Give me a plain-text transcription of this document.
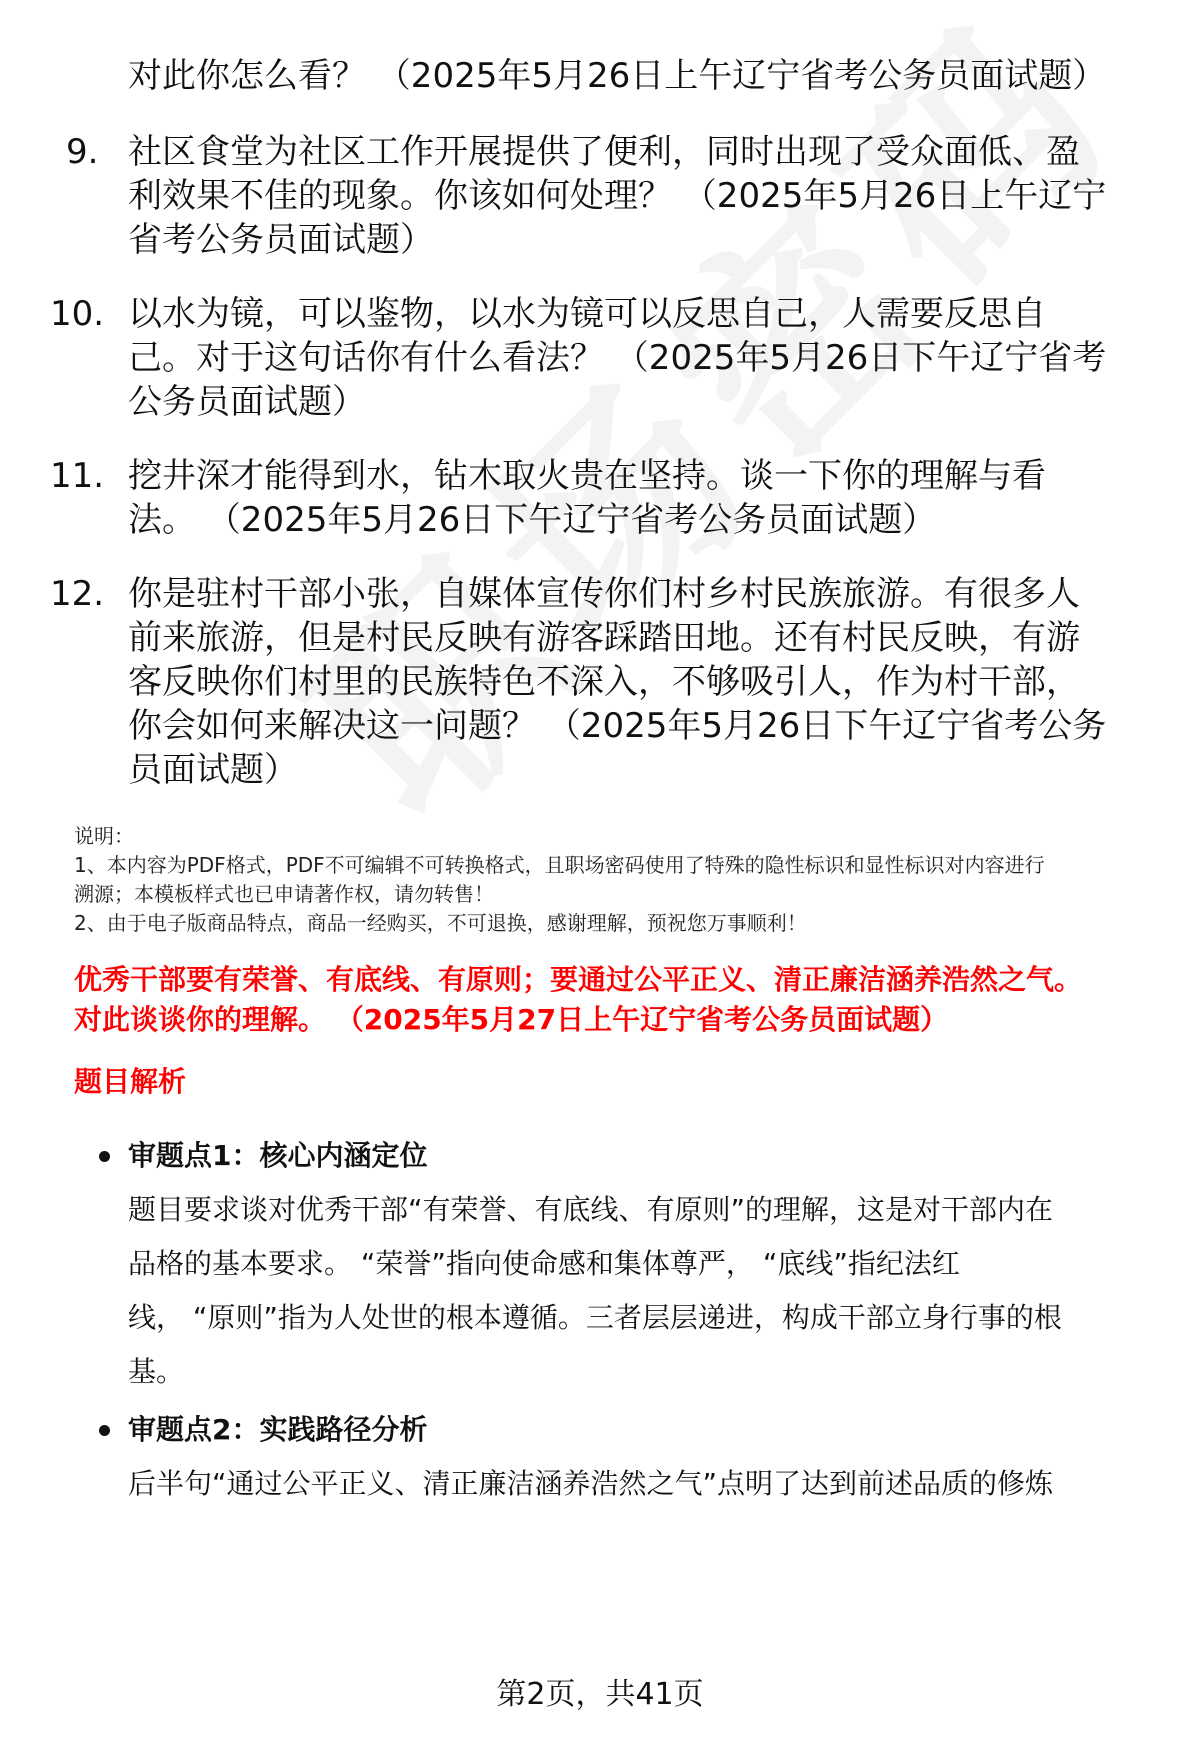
对此你怎么看？ （2025年5月26日上午辽宁省考公务员面试题）
9. 社区食堂为社区工作开展提供了便利，同时出现了受众面低、盈
利效果不佳的现象。你该如何处理？ （2025年5月26日上午辽宁
省考公务员面试题）
10. 以水为镜，可以鉴物，以水为镜可以反思自己，人需要反思自
己。对于这句话你有什么看法？ （2025年5月26日下午辽宁省考
公务员面试题）
11. 挖井深才能得到水，钻木取火贵在坚持。谈一下你的理解与看
法。 （2025年5月26日下午辽宁省考公务员面试题）
12. 你是驻村干部小张，自媒体宣传你们村乡村民族旅游。有很多人
前来旅游，但是村民反映有游客踩踏田地。还有村民反映，有游
客反映你们村里的民族特色不深入，不够吸引人，作为村干部，
你会如何来解决这一问题？ （2025年5月26日下午辽宁省考公务
员面试题）
说明：
1、本内容为PDF格式，PDF不可编辑不可转换格式，且职场密码使用了特殊的隐性标识和显性标识对内容进行
溯源；本模板样式也已申请著作权，请勿转售！
2、由于电子版商品特点，商品一经购买，不可退换，感谢理解，预祝您万事顺利！
优秀干部要有荣誉、有底线、有原则；要通过公平正义、清正廉洁涵养浩然之气。
对此谈谈你的理解。 （2025年5月27日上午辽宁省考公务员面试题）
题目解析
审题点1：核心内涵定位
题目要求谈对优秀干部“有荣誉、有底线、有原则”的理解，这是对干部内在
品格的基本要求。 “荣誉”指向使命感和集体尊严， “底线”指纪法红
线， “原则”指为人处世的根本遵循。三者层层递进，构成干部立身行事的根
基。
审题点2：实践路径分析
后半句“通过公平正义、清正廉洁涵养浩然之气”点明了达到前述品质的修炼
第2页，共41页
